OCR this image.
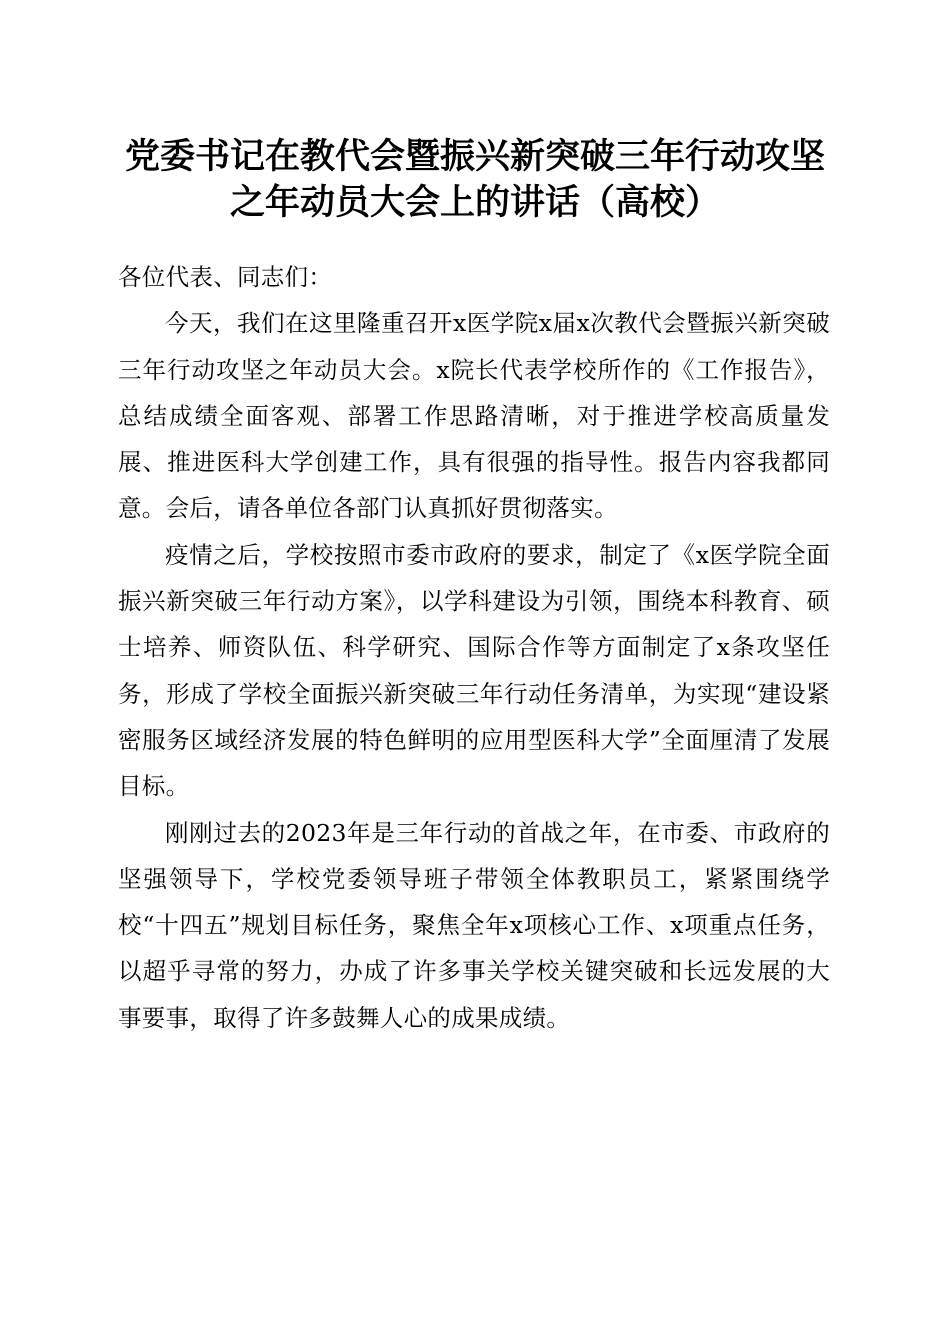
党委书记在教代会暨振兴新突破三年行动攻坚
之年动员大会上的讲话（高校）

各位代表、同志们：

今天，我们在这里隆重召开x医学院x届x次教代会暨振兴新突破三年行动攻坚之年动员大会。x院长代表学校所作的《工作报告》，总结成绩全面客观、部署工作思路清晰，对于推进学校高质量发展、推进医科大学创建工作，具有很强的指导性。报告内容我都同意。会后，请各单位各部门认真抓好贯彻落实。

疫情之后，学校按照市委市政府的要求，制定了《x医学院全面振兴新突破三年行动方案》，以学科建设为引领，围绕本科教育、硕士培养、师资队伍、科学研究、国际合作等方面制定了x条攻坚任务，形成了学校全面振兴新突破三年行动任务清单，为实现“建设紧密服务区域经济发展的特色鲜明的应用型医科大学”全面厘清了发展目标。

刚刚过去的2023年是三年行动的首战之年，在市委、市政府的坚强领导下，学校党委领导班子带领全体教职员工，紧紧围绕学校“十四五”规划目标任务，聚焦全年x项核心工作、x项重点任务，以超乎寻常的努力，办成了许多事关学校关键突破和长远发展的大事要事，取得了许多鼓舞人心的成果成绩。
